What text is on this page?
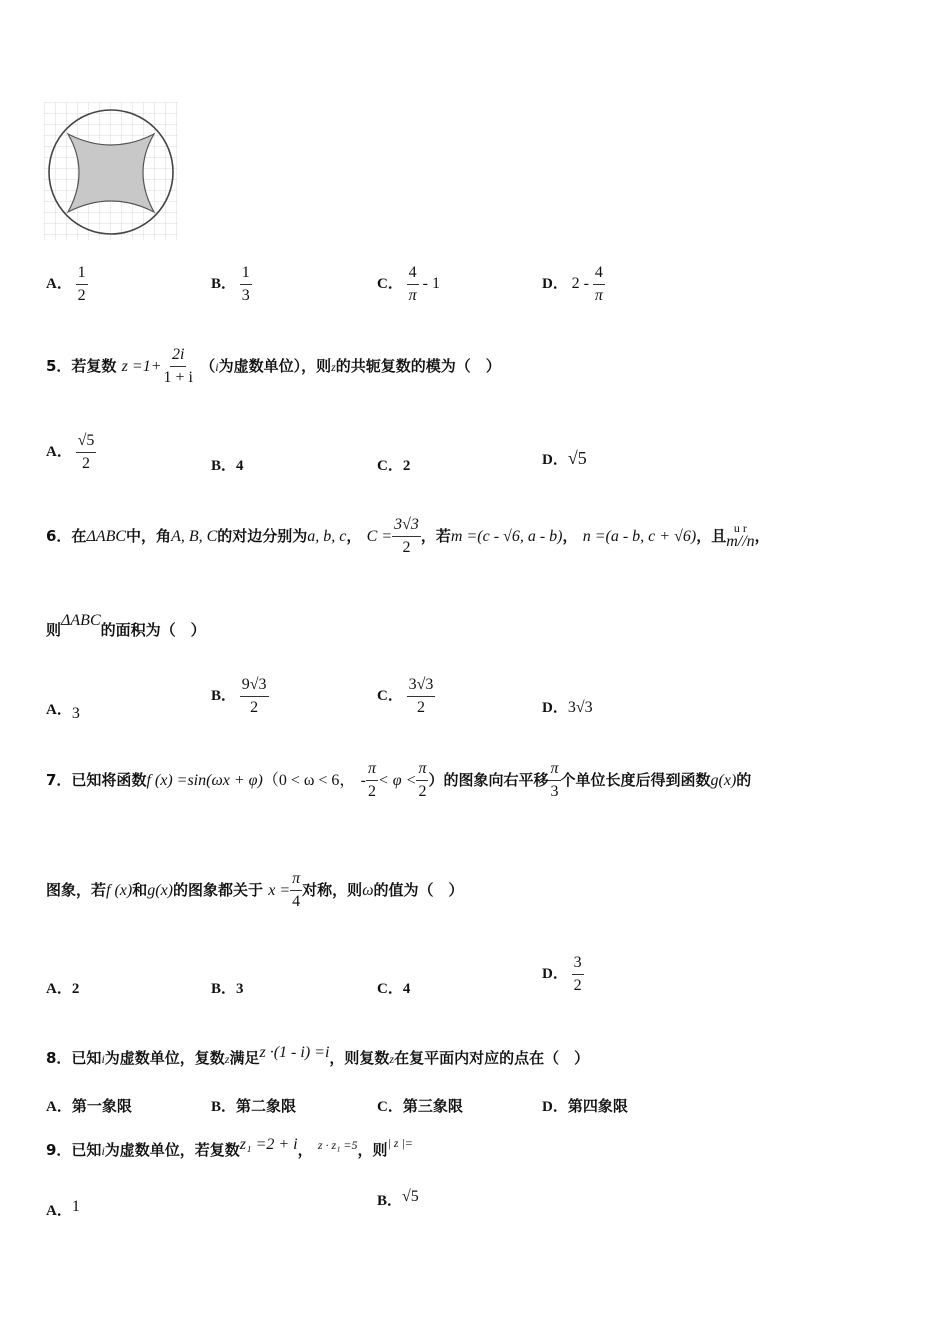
A． $\frac{1}{2}$	B． $\frac{1}{3}$	C． $\frac{4}{\pi} - 1$	D． $2 - \frac{4}{\pi}$
5．若复数 $z =1+ \frac{2i}{1 + i} (i$为虚数单位），则z的共轭复数的模为（　）
A． $\frac{√5}{2}$	B．4	C．2	D．√5
6．在ΔABC中，角A, B, C的对边分别为a, b, c， $C = \frac{3√3}{2}$ ，若m =(c - √6, a - b)， n =(a - b, c + √6)，且 u r
m//n ，
则ΔABC的面积为（　）
A．3
B． $\frac{9√3}{2}$	C． $\frac{3√3}{2}$	D．3√3
7．已知将函数f (x) =sin(ωx + φ)（0 < ω < 6， - $\frac{\pi}{2} < \varphi < \frac{\pi}{2}$ ）的图象向右平移 $\frac{\pi}{3}$ 个单位长度后得到函数g(x)的
图象，若f (x)和g(x)的图象都关于 $x = \frac{\pi}{4}$ 对称，则ω的值为（　）
A．2	B．3	C．4
D． $\frac{3}{2}$
8．已知i为虚数单位，复数z满足z ·(1 - i) =i，则复数z在复平面内对应的点在（　）
A．第一象限	B．第二象限	C．第三象限	D．第四象限
9．已知i为虚数单位，若复数z₁ =2 + i， $^{z \cdot z_1 =5}$，则$^{| z |=}$
A．1	B．√5
